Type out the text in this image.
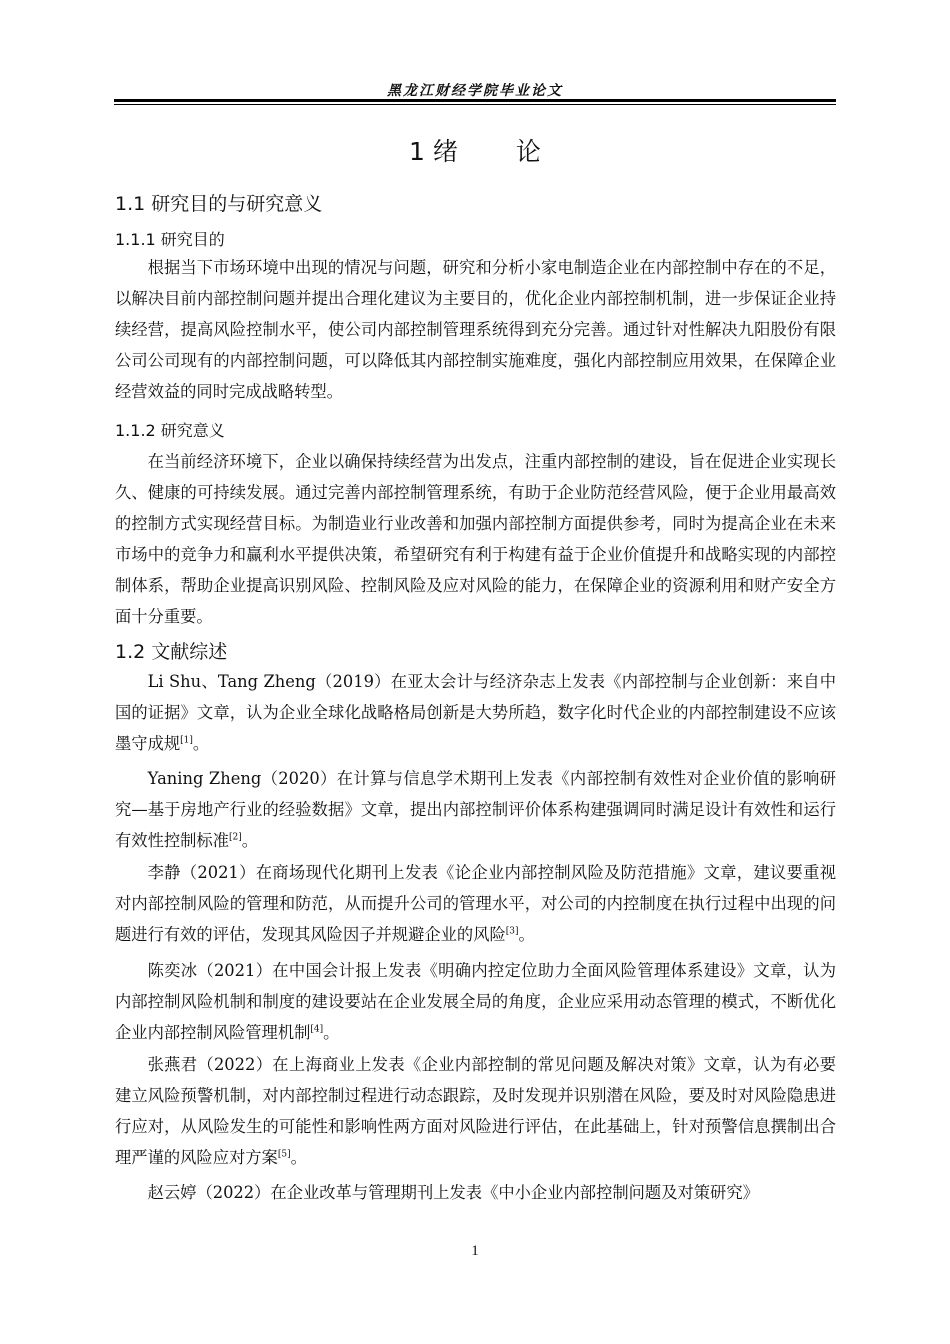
黑龙江财经学院毕业论文
1 绪 论
1.1 研究目的与研究意义
1.1.1 研究目的

根据当下市场环境中出现的情况与问题，研究和分析小家电制造企业在内部控制中存在的不足，以解决目前内部控制问题并提出合理化建议为主要目的，优化企业内部控制机制，进一步保证企业持续经营，提高风险控制水平，使公司内部控制管理系统得到充分完善。通过针对性解决九阳股份有限公司公司现有的内部控制问题，可以降低其内部控制实施难度，强化内部控制应用效果，在保障企业经营效益的同时完成战略转型。

1.1.2 研究意义

在当前经济环境下，企业以确保持续经营为出发点，注重内部控制的建设，旨在促进企业实现长久、健康的可持续发展。通过完善内部控制管理系统，有助于企业防范经营风险，便于企业用最高效的控制方式实现经营目标。为制造业行业改善和加强内部控制方面提供参考，同时为提高企业在未来市场中的竞争力和赢利水平提供决策，希望研究有利于构建有益于企业价值提升和战略实现的内部控制体系，帮助企业提高识别风险、控制风险及应对风险的能力，在保障企业的资源利用和财产安全方面十分重要。

1.2 文献综述

Li Shu、Tang Zheng（2019）在亚太会计与经济杂志上发表《内部控制与企业创新：来自中国的证据》文章，认为企业全球化战略格局创新是大势所趋，数字化时代企业的内部控制建设不应该墨守成规[1]。

Yaning Zheng（2020）在计算与信息学术期刊上发表《内部控制有效性对企业价值的影响研究—基于房地产行业的经验数据》文章，提出内部控制评价体系构建强调同时满足设计有效性和运行有效性控制标准[2]。

李静（2021）在商场现代化期刊上发表《论企业内部控制风险及防范措施》文章，建议要重视对内部控制风险的管理和防范，从而提升公司的管理水平，对公司的内控制度在执行过程中出现的问题进行有效的评估，发现其风险因子并规避企业的风险[3]。

陈奕冰（2021）在中国会计报上发表《明确内控定位助力全面风险管理体系建设》文章，认为内部控制风险机制和制度的建设要站在企业发展全局的角度，企业应采用动态管理的模式，不断优化企业内部控制风险管理机制[4]。

张燕君（2022）在上海商业上发表《企业内部控制的常见问题及解决对策》文章，认为有必要建立风险预警机制，对内部控制过程进行动态跟踪，及时发现并识别潜在风险，要及时对风险隐患进行应对，从风险发生的可能性和影响性两方面对风险进行评估，在此基础上，针对预警信息撰制出合理严谨的风险应对方案[5]。

赵云婷（2022）在企业改革与管理期刊上发表《中小企业内部控制问题及对策研究》

1
